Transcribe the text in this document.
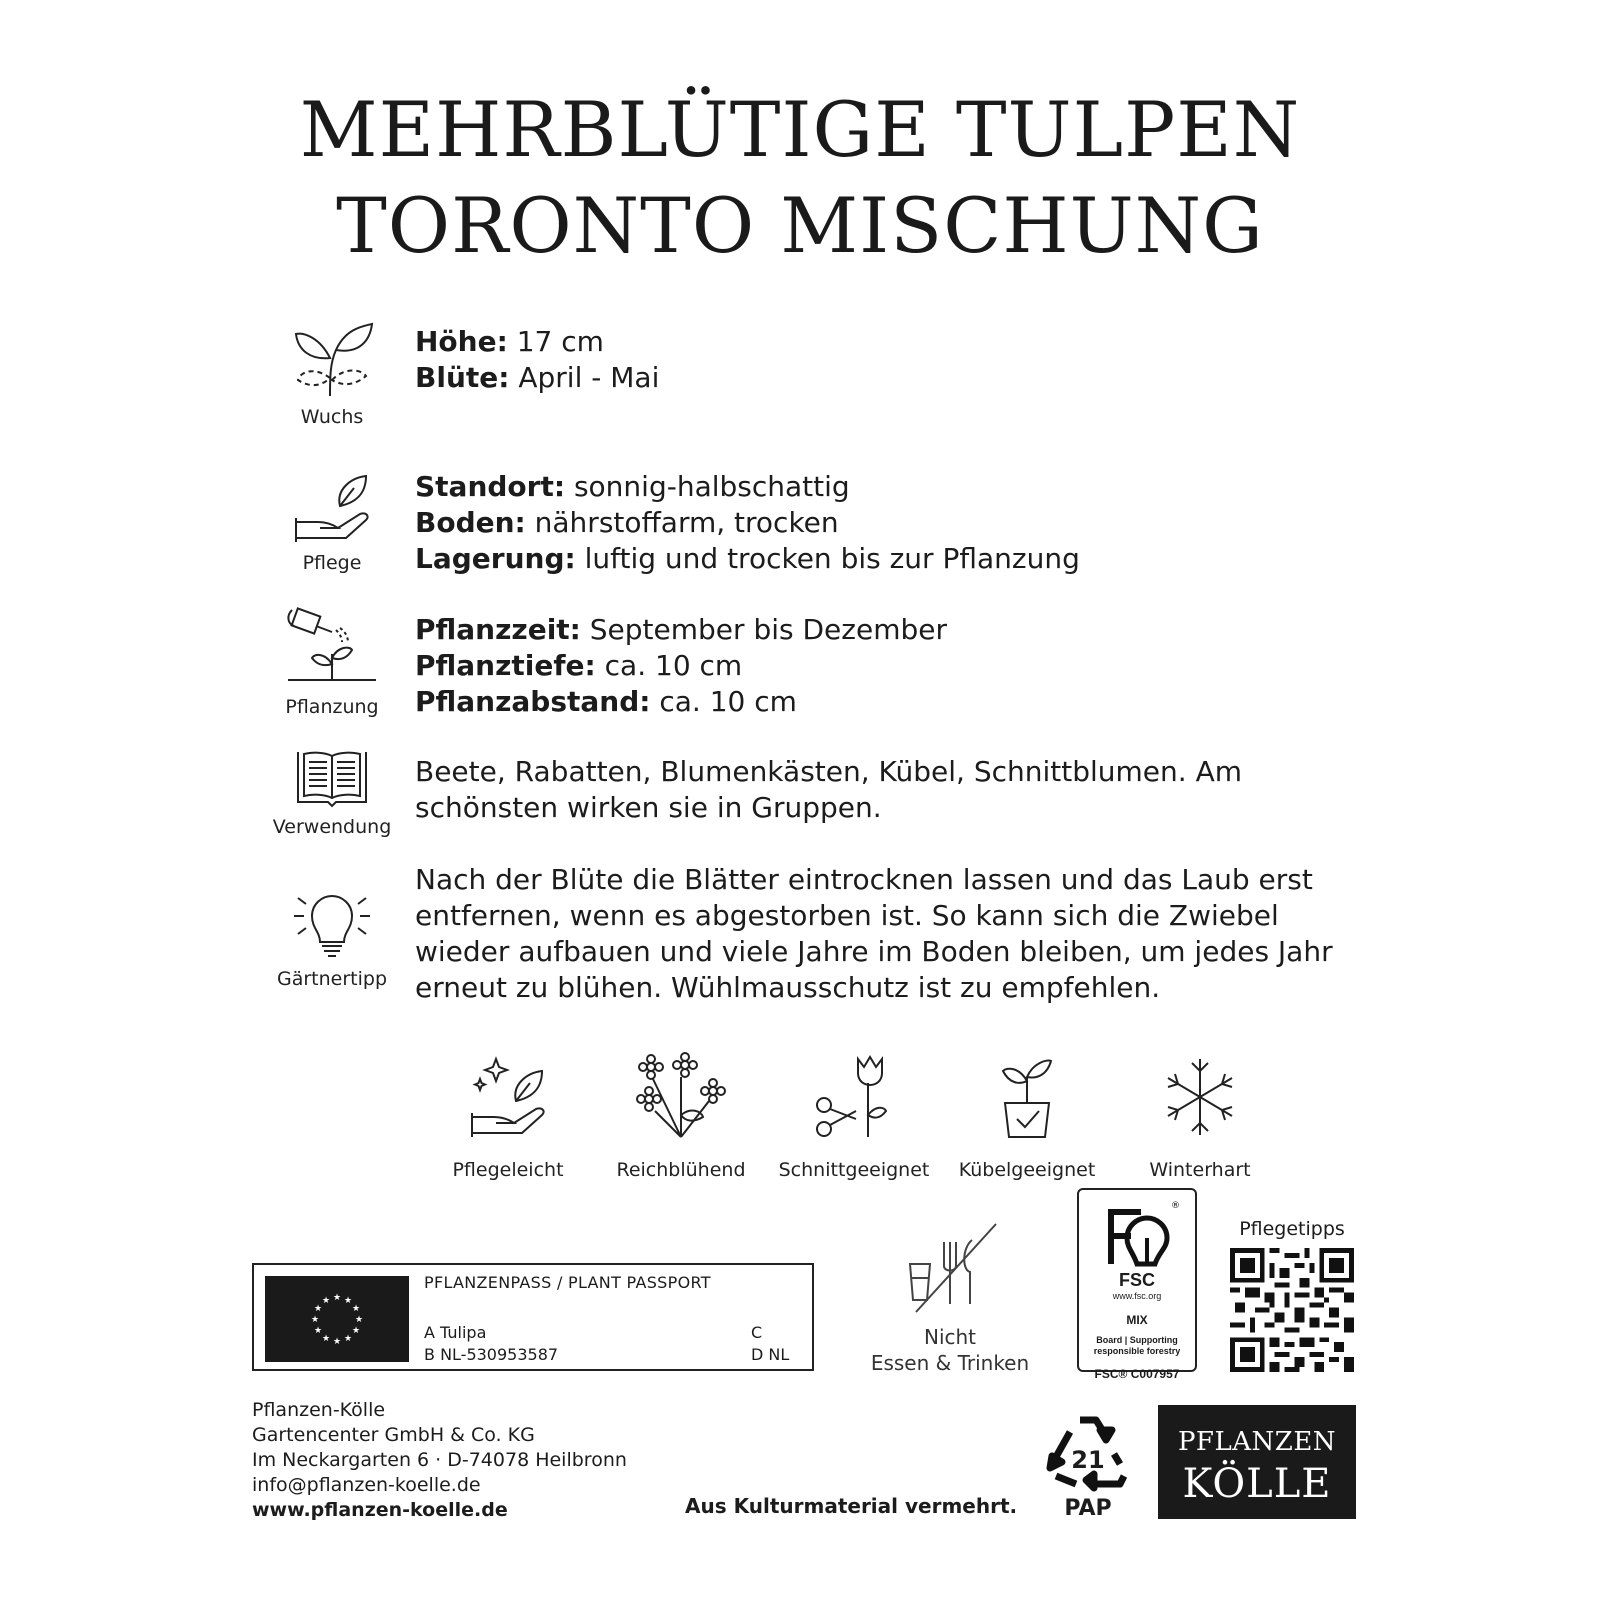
MEHRBLÜTIGE TULPEN
TORONTO MISCHUNG
Wuchs
Höhe: 17 cm
Blüte: April - Mai
Pflege
Standort: sonnig-halbschattig
Boden: nährstoffarm, trocken
Lagerung: luftig und trocken bis zur Pflanzung
Pflanzung
Pflanzzeit: September bis Dezember
Pflanztiefe: ca. 10 cm
Pflanzabstand: ca. 10 cm
Verwendung
Beete, Rabatten, Blumenkästen, Kübel, Schnittblumen. Am
schönsten wirken sie in Gruppen.
Gärtnertipp
Nach der Blüte die Blätter eintrocknen lassen und das Laub erst
entfernen, wenn es abgestorben ist. So kann sich die Zwiebel
wieder aufbauen und viele Jahre im Boden bleiben, um jedes Jahr
erneut zu blühen. Wühlmausschutz ist zu empfehlen.
Pflegeleicht	Reichblühend	Schnittgeeignet	Kübelgeeignet	Winterhart
★ ★
★
★
★
★
★
★
★
★
★
★
PFLANZENPASS / PLANT PASSPORT
A Tulipa
B NL-530953587
C
D NL
Nicht
Essen & Trinken
®
FSC
www.fsc.org
MIX
Board | Supporting
responsible forestry
FSC® C007957
Pflegetipps
Pflanzen-Kölle
Gartencenter GmbH & Co. KG
Im Neckargarten 6 · D-74078 Heilbronn
info@pflanzen-koelle.de
www.pflanzen-koelle.de	Aus Kulturmaterial vermehrt.
21
PAP
PFLANZEN
KÖLLE
